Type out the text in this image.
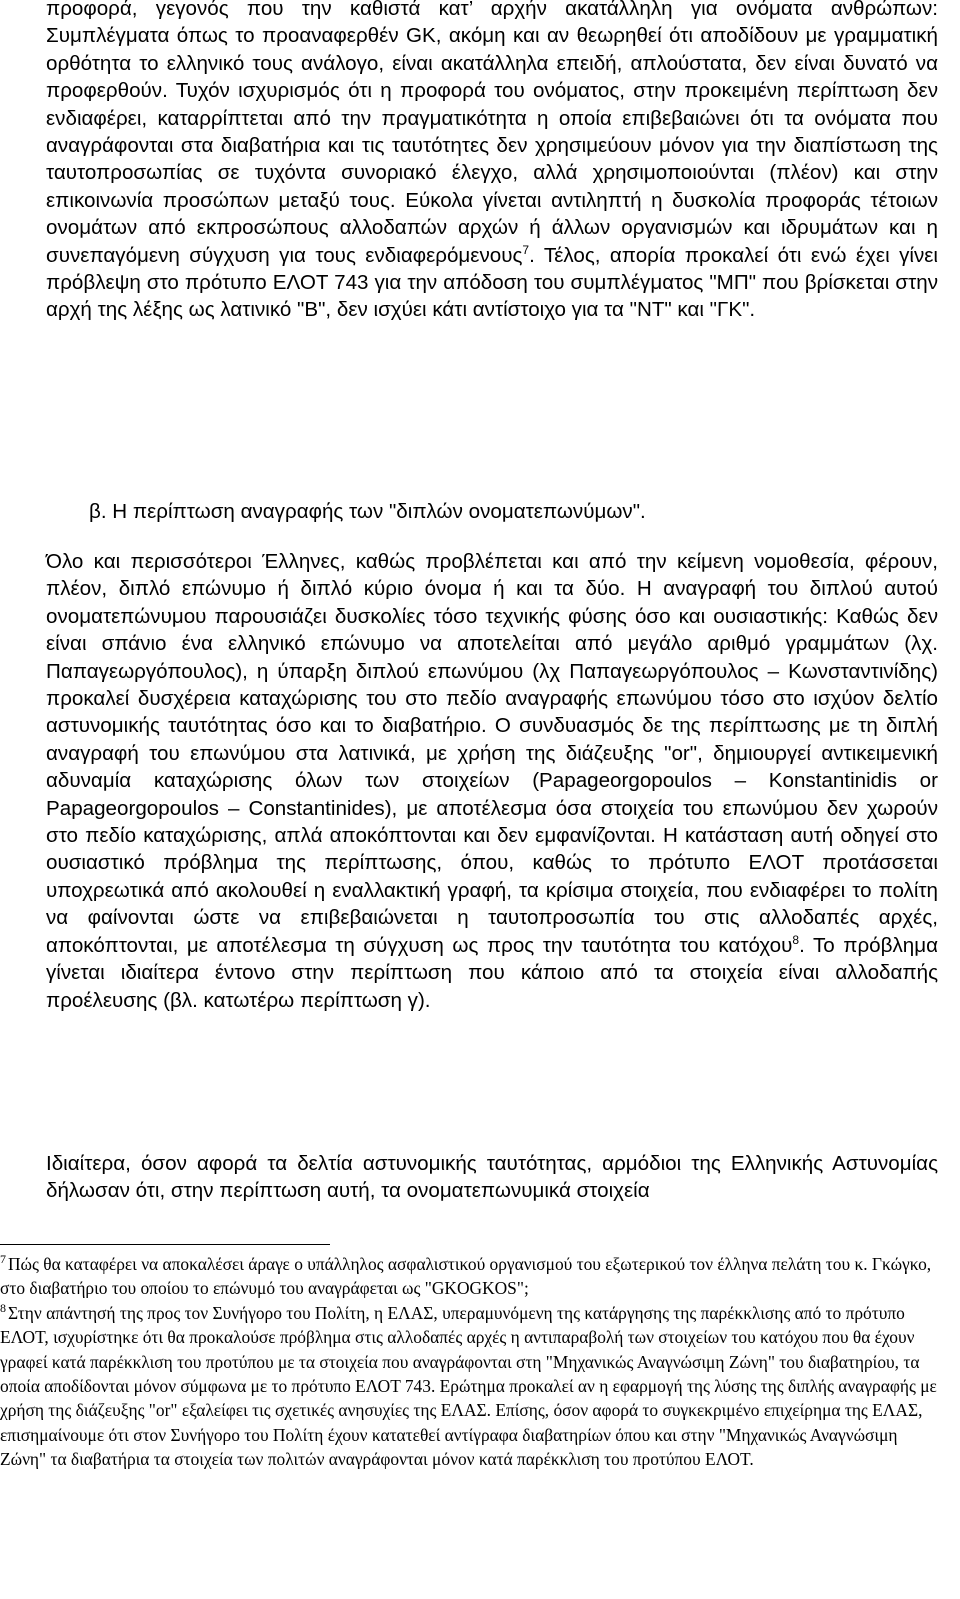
προφορά, γεγονός που την καθιστά κατ’ αρχήν ακατάλληλη για ονόματα ανθρώπων: Συμπλέγματα όπως το προαναφερθέν GK, ακόμη και αν θεωρηθεί ότι αποδίδουν με γραμματική ορθότητα το ελληνικό τους ανάλογο, είναι ακατάλληλα επειδή, απλούστατα, δεν είναι δυνατό να προφερθούν. Τυχόν ισχυρισμός ότι η προφορά του ονόματος, στην προκειμένη περίπτωση δεν ενδιαφέρει, καταρρίπτεται από την πραγματικότητα η οποία επιβεβαιώνει ότι τα ονόματα που αναγράφονται στα διαβατήρια και τις ταυτότητες δεν χρησιμεύουν μόνον για την διαπίστωση της ταυτοπροσωπίας σε τυχόντα συνοριακό έλεγχο, αλλά χρησιμοποιούνται (πλέον) και στην επικοινωνία προσώπων μεταξύ τους. Εύκολα γίνεται αντιληπτή η δυσκολία προφοράς τέτοιων ονομάτων από εκπροσώπους αλλοδαπών αρχών ή άλλων οργανισμών και ιδρυμάτων και η συνεπαγόμενη σύγχυση για τους ενδιαφερόμενους$^7$. Τέλος, απορία προκαλεί ότι ενώ έχει γίνει πρόβλεψη στο πρότυπο ΕΛΟΤ 743 για την απόδοση του συμπλέγματος "ΜΠ" που βρίσκεται στην αρχή της λέξης ως λατινικό "B", δεν ισχύει κάτι αντίστοιχο για τα "ΝΤ" και "ΓΚ".

β. Η περίπτωση αναγραφής των "διπλών ονοματεπωνύμων".

Όλο και περισσότεροι Έλληνες, καθώς προβλέπεται και από την κείμενη νομοθεσία, φέρουν, πλέον, διπλό επώνυμο ή διπλό κύριο όνομα ή και τα δύο. Η αναγραφή του διπλού αυτού ονοματεπώνυμου παρουσιάζει δυσκολίες τόσο τεχνικής φύσης όσο και ουσιαστικής: Καθώς δεν είναι σπάνιο ένα ελληνικό επώνυμο να αποτελείται από μεγάλο αριθμό γραμμάτων (λχ. Παπαγεωργόπουλος), η ύπαρξη διπλού επωνύμου (λχ Παπαγεωργόπουλος – Κωνσταντινίδης) προκαλεί δυσχέρεια καταχώρισης του στο πεδίο αναγραφής επωνύμου τόσο στο ισχύον δελτίο αστυνομικής ταυτότητας όσο και το διαβατήριο. Ο συνδυασμός δε της περίπτωσης με τη διπλή αναγραφή του επωνύμου στα λατινικά, με χρήση της διάζευξης "or", δημιουργεί αντικειμενική αδυναμία καταχώρισης όλων των στοιχείων (Papageorgopoulos – Konstantinidis or Papageorgopoulos – Constantinides), με αποτέλεσμα όσα στοιχεία του επωνύμου δεν χωρούν στο πεδίο καταχώρισης, απλά αποκόπτονται και δεν εμφανίζονται. Η κατάσταση αυτή οδηγεί στο ουσιαστικό πρόβλημα της περίπτωσης, όπου, καθώς το πρότυπο ΕΛΟΤ προτάσσεται υποχρεωτικά από ακολουθεί η εναλλακτική γραφή, τα κρίσιμα στοιχεία, που ενδιαφέρει το πολίτη να φαίνονται ώστε να επιβεβαιώνεται η ταυτοπροσωπία του στις αλλοδαπές αρχές, αποκόπτονται, με αποτέλεσμα τη σύγχυση ως προς την ταυτότητα του κατόχου$^8$. Το πρόβλημα γίνεται ιδιαίτερα έντονο στην περίπτωση που κάποιο από τα στοιχεία είναι αλλοδαπής προέλευσης (βλ. κατωτέρω περίπτωση γ).

Ιδιαίτερα, όσον αφορά τα δελτία αστυνομικής ταυτότητας, αρμόδιοι της Ελληνικής Αστυνομίας δήλωσαν ότι, στην περίπτωση αυτή, τα ονοματεπωνυμικά στοιχεία

$^7$ Πώς θα καταφέρει να αποκαλέσει άραγε ο υπάλληλος ασφαλιστικού οργανισμού του εξωτερικού τον έλληνα πελάτη του κ. Γκώγκο, στο διαβατήριο του οποίου το επώνυμό του αναγράφεται ως "GKOGKOS";

$^8$ Στην απάντησή της προς τον Συνήγορο του Πολίτη, η ΕΛΑΣ, υπεραμυνόμενη της κατάργησης της παρέκκλισης από το πρότυπο ΕΛΟΤ, ισχυρίστηκε ότι θα προκαλούσε πρόβλημα στις αλλοδαπές αρχές η αντιπαραβολή των στοιχείων του κατόχου που θα έχουν γραφεί κατά παρέκκλιση του προτύπου με τα στοιχεία που αναγράφονται στη "Μηχανικώς Αναγνώσιμη Ζώνη" του διαβατηρίου, τα οποία αποδίδονται μόνον σύμφωνα με το πρότυπο ΕΛΟΤ 743. Ερώτημα προκαλεί αν η εφαρμογή της λύσης της διπλής αναγραφής με χρήση της διάζευξης "or" εξαλείφει τις σχετικές ανησυχίες της ΕΛΑΣ. Επίσης, όσον αφορά το συγκεκριμένο επιχείρημα της ΕΛΑΣ, επισημαίνουμε ότι στον Συνήγορο του Πολίτη έχουν κατατεθεί αντίγραφα διαβατηρίων όπου και στην "Μηχανικώς Αναγνώσιμη Ζώνη" τα διαβατήρια τα στοιχεία των πολιτών αναγράφονται μόνον κατά παρέκκλιση του προτύπου ΕΛΟΤ.
